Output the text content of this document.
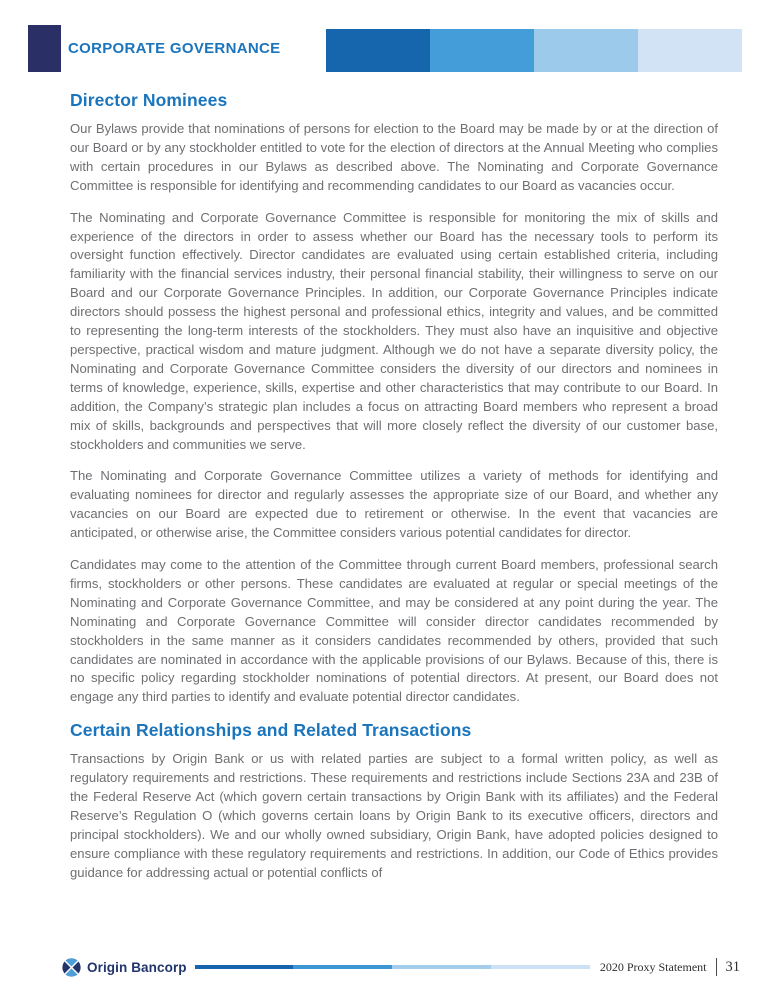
CORPORATE GOVERNANCE
Director Nominees

Our Bylaws provide that nominations of persons for election to the Board may be made by or at the direction of our Board or by any stockholder entitled to vote for the election of directors at the Annual Meeting who complies with certain procedures in our Bylaws as described above. The Nominating and Corporate Governance Committee is responsible for identifying and recommending candidates to our Board as vacancies occur.

The Nominating and Corporate Governance Committee is responsible for monitoring the mix of skills and experience of the directors in order to assess whether our Board has the necessary tools to perform its oversight function effectively. Director candidates are evaluated using certain established criteria, including familiarity with the financial services industry, their personal financial stability, their willingness to serve on our Board and our Corporate Governance Principles. In addition, our Corporate Governance Principles indicate directors should possess the highest personal and professional ethics, integrity and values, and be committed to representing the long-term interests of the stockholders. They must also have an inquisitive and objective perspective, practical wisdom and mature judgment. Although we do not have a separate diversity policy, the Nominating and Corporate Governance Committee considers the diversity of our directors and nominees in terms of knowledge, experience, skills, expertise and other characteristics that may contribute to our Board. In addition, the Company’s strategic plan includes a focus on attracting Board members who represent a broad mix of skills, backgrounds and perspectives that will more closely reflect the diversity of our customer base, stockholders and communities we serve.

The Nominating and Corporate Governance Committee utilizes a variety of methods for identifying and evaluating nominees for director and regularly assesses the appropriate size of our Board, and whether any vacancies on our Board are expected due to retirement or otherwise. In the event that vacancies are anticipated, or otherwise arise, the Committee considers various potential candidates for director.

Candidates may come to the attention of the Committee through current Board members, professional search firms, stockholders or other persons. These candidates are evaluated at regular or special meetings of the Nominating and Corporate Governance Committee, and may be considered at any point during the year. The Nominating and Corporate Governance Committee will consider director candidates recommended by stockholders in the same manner as it considers candidates recommended by others, provided that such candidates are nominated in accordance with the applicable provisions of our Bylaws. Because of this, there is no specific policy regarding stockholder nominations of potential directors. At present, our Board does not engage any third parties to identify and evaluate potential director candidates.

Certain Relationships and Related Transactions

Transactions by Origin Bank or us with related parties are subject to a formal written policy, as well as regulatory requirements and restrictions. These requirements and restrictions include Sections 23A and 23B of the Federal Reserve Act (which govern certain transactions by Origin Bank with its affiliates) and the Federal Reserve’s Regulation O (which governs certain loans by Origin Bank to its executive officers, directors and principal stockholders). We and our wholly owned subsidiary, Origin Bank, have adopted policies designed to ensure compliance with these regulatory requirements and restrictions. In addition, our Code of Ethics provides guidance for addressing actual or potential conflicts of

Origin Bancorp	2020 Proxy Statement 31
